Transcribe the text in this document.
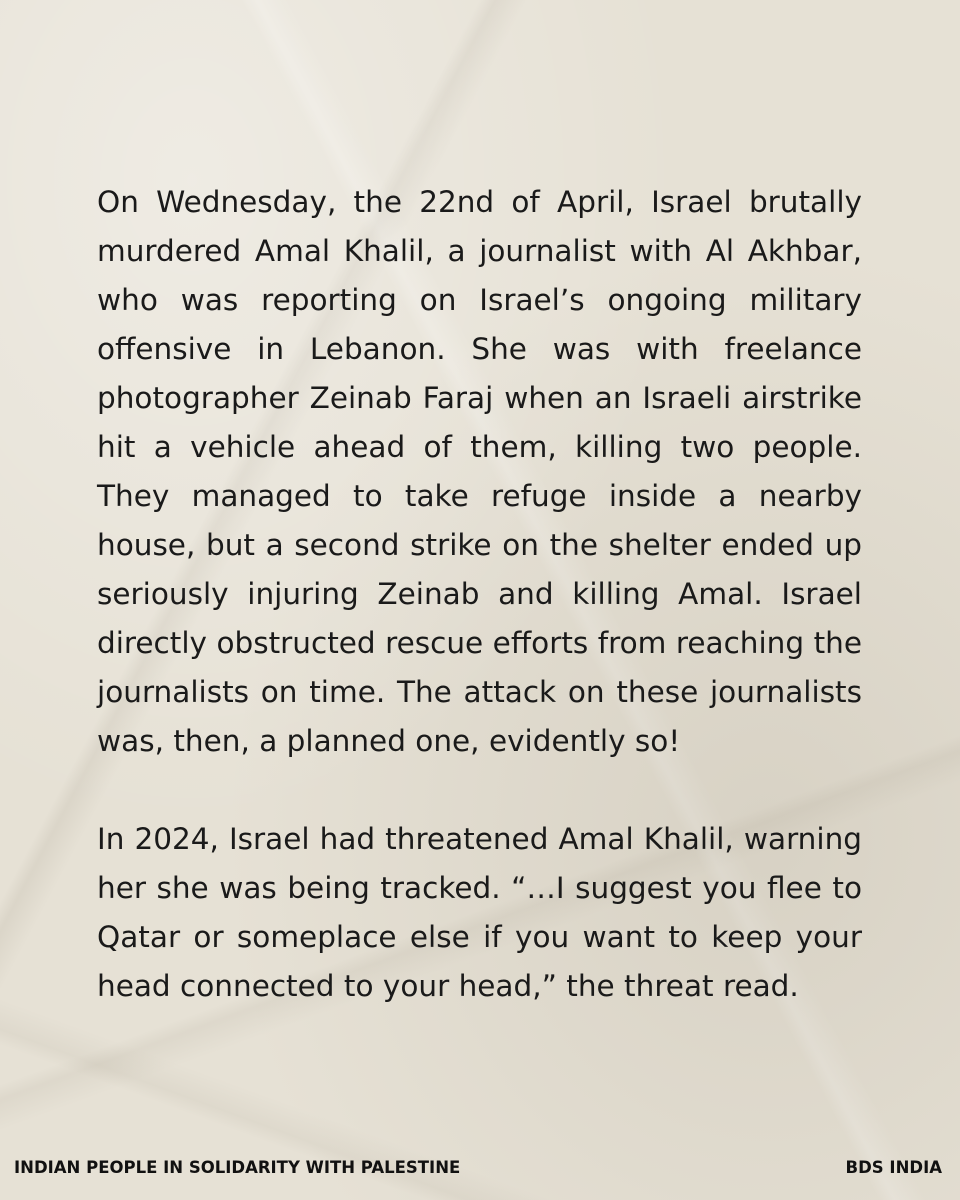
On Wednesday, the 22nd of April, Israel brutally murdered Amal Khalil, a journalist with Al Akhbar, who was reporting on Israel’s ongoing military offensive in Lebanon. She was with freelance photographer Zeinab Faraj when an Israeli airstrike hit a vehicle ahead of them, killing two people. They managed to take refuge inside a nearby house, but a second strike on the shelter ended up seriously injuring Zeinab and killing Amal. Israel directly obstructed rescue efforts from reaching the journalists on time. The attack on these journalists was, then, a planned one, evidently so!

In 2024, Israel had threatened Amal Khalil, warning her she was being tracked. “…I suggest you flee to Qatar or someplace else if you want to keep your head connected to your head,” the threat read.

INDIAN PEOPLE IN SOLIDARITY WITH PALESTINE	BDS INDIA
